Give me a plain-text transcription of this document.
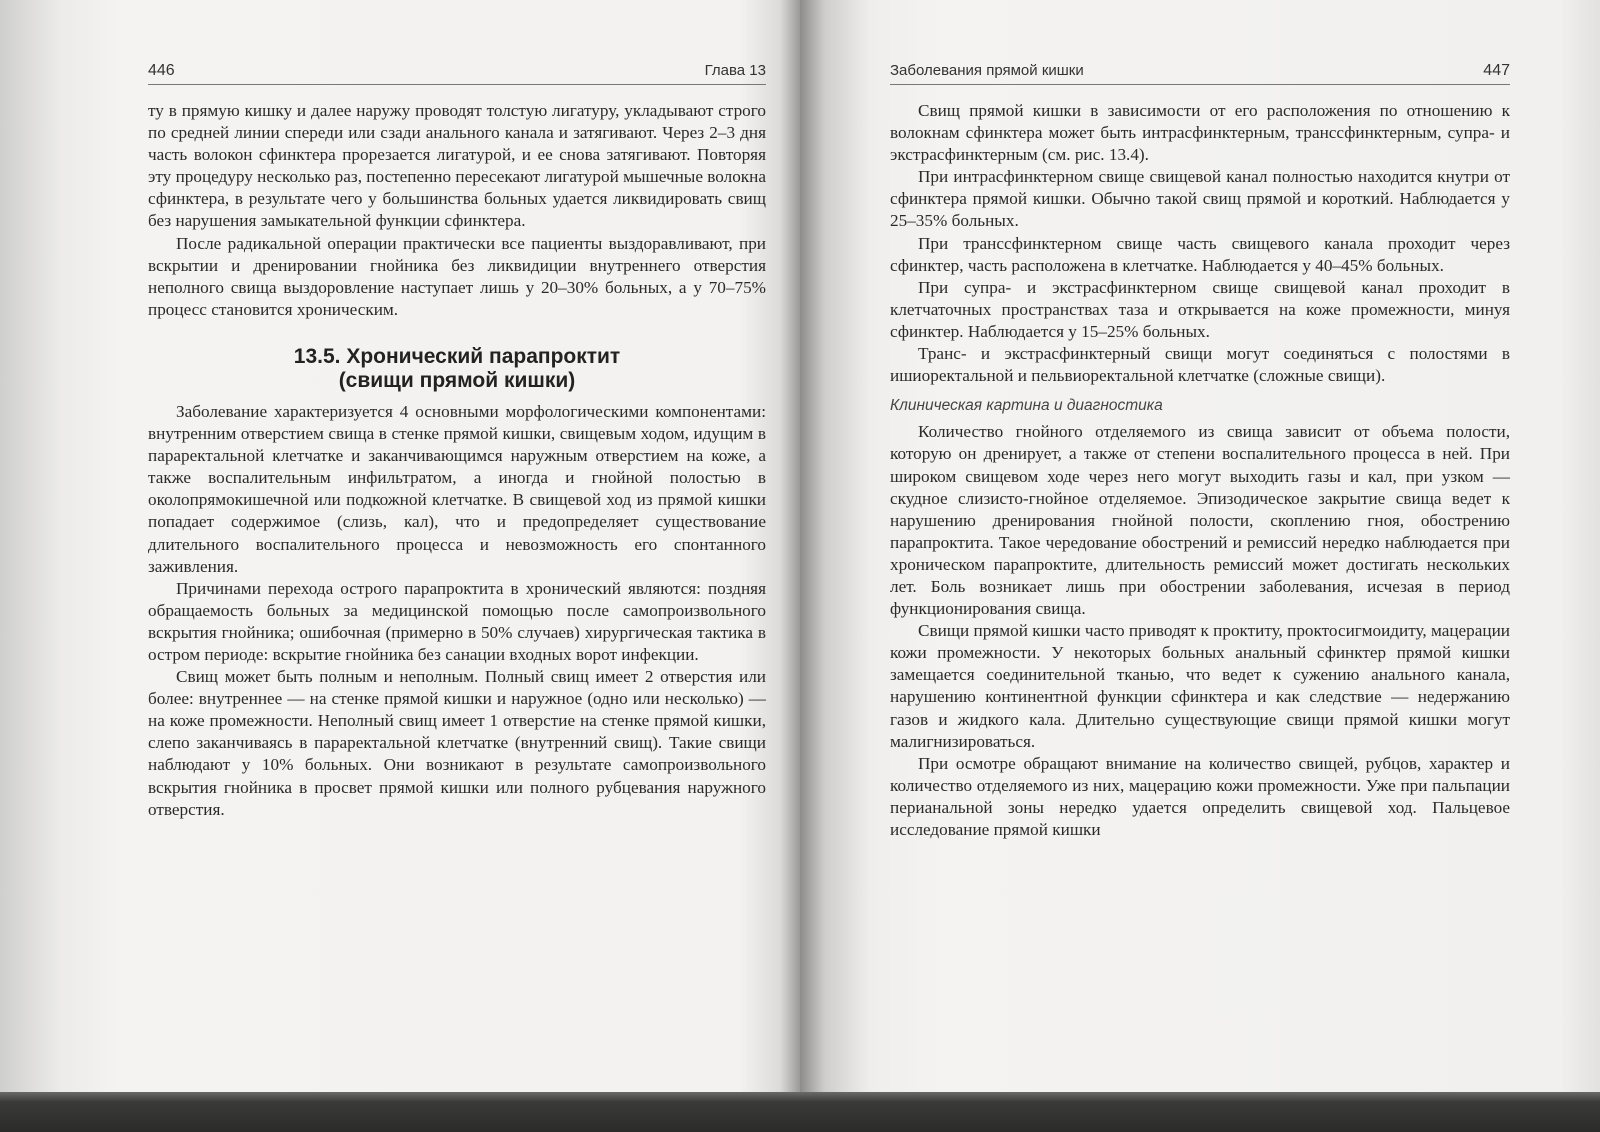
446	Глава 13

ту в прямую кишку и далее наружу проводят толстую лигатуру, укладывают строго по средней линии спереди или сзади анального канала и затягивают. Через 2–3 дня часть волокон сфинктера прорезается лигатурой, и ее снова затягивают. Повторяя эту процедуру несколько раз, постепенно пересекают лигатурой мышечные волокна сфинктера, в результате чего у большинства больных удается ликвидировать свищ без нарушения замыкательной функции сфинктера.

После радикальной операции практически все пациенты выздоравливают, при вскрытии и дренировании гнойника без ликвидиции внутреннего отверстия неполного свища выздоровление наступает лишь у 20–30% больных, а у 70–75% процесс становится хроническим.

13.5. Хронический парапроктит
(свищи прямой кишки)

Заболевание характеризуется 4 основными морфологическими компонентами: внутренним отверстием свища в стенке прямой кишки, свищевым ходом, идущим в параректальной клетчатке и заканчивающимся наружным отверстием на коже, а также воспалительным инфильтратом, а иногда и гнойной полостью в околопрямокишечной или подкожной клетчатке. В свищевой ход из прямой кишки попадает содержимое (слизь, кал), что и предопределяет существование длительного воспалительного процесса и невозможность его спонтанного заживления.

Причинами перехода острого парапроктита в хронический являются: поздняя обращаемость больных за медицинской помощью после самопроизвольного вскрытия гнойника; ошибочная (примерно в 50% случаев) хирургическая тактика в остром периоде: вскрытие гнойника без санации входных ворот инфекции.

Свищ может быть полным и неполным. Полный свищ имеет 2 отверстия или более: внутреннее — на стенке прямой кишки и наружное (одно или несколько) — на коже промежности. Неполный свищ имеет 1 отверстие на стенке прямой кишки, слепо заканчиваясь в параректальной клетчатке (внутренний свищ). Такие свищи наблюдают у 10% больных. Они возникают в результате самопроизвольного вскрытия гнойника в просвет прямой кишки или полного рубцевания наружного отверстия.

Заболевания прямой кишки	447

Свищ прямой кишки в зависимости от его расположения по отношению к волокнам сфинктера может быть интрасфинктерным, транссфинктерным, супра- и экстрасфинктерным (см. рис. 13.4).

При интрасфинктерном свище свищевой канал полностью находится кнутри от сфинктера прямой кишки. Обычно такой свищ прямой и короткий. Наблюдается у 25–35% больных.

При транссфинктерном свище часть свищевого канала проходит через сфинктер, часть расположена в клетчатке. Наблюдается у 40–45% больных.

При супра- и экстрасфинктерном свище свищевой канал проходит в клетчаточных пространствах таза и открывается на коже промежности, минуя сфинктер. Наблюдается у 15–25% больных.

Транс- и экстрасфинктерный свищи могут соединяться с полостями в ишиоректальной и пельвиоректальной клетчатке (сложные свищи).

Клиническая картина и диагностика

Количество гнойного отделяемого из свища зависит от объема полости, которую он дренирует, а также от степени воспалительного процесса в ней. При широком свищевом ходе через него могут выходить газы и кал, при узком — скудное слизисто-гнойное отделяемое. Эпизодическое закрытие свища ведет к нарушению дренирования гнойной полости, скоплению гноя, обострению парапроктита. Такое чередование обострений и ремиссий нередко наблюдается при хроническом парапроктите, длительность ремиссий может достигать нескольких лет. Боль возникает лишь при обострении заболевания, исчезая в период функционирования свища.

Свищи прямой кишки часто приводят к проктиту, проктосигмоидиту, мацерации кожи промежности. У некоторых больных анальный сфинктер прямой кишки замещается соединительной тканью, что ведет к сужению анального канала, нарушению континентной функции сфинктера и как следствие — недержанию газов и жидкого кала. Длительно существующие свищи прямой кишки могут малигнизироваться.

При осмотре обращают внимание на количество свищей, рубцов, характер и количество отделяемого из них, мацерацию кожи промежности. Уже при пальпации перианальной зоны нередко удается определить свищевой ход. Пальцевое исследование прямой кишки
